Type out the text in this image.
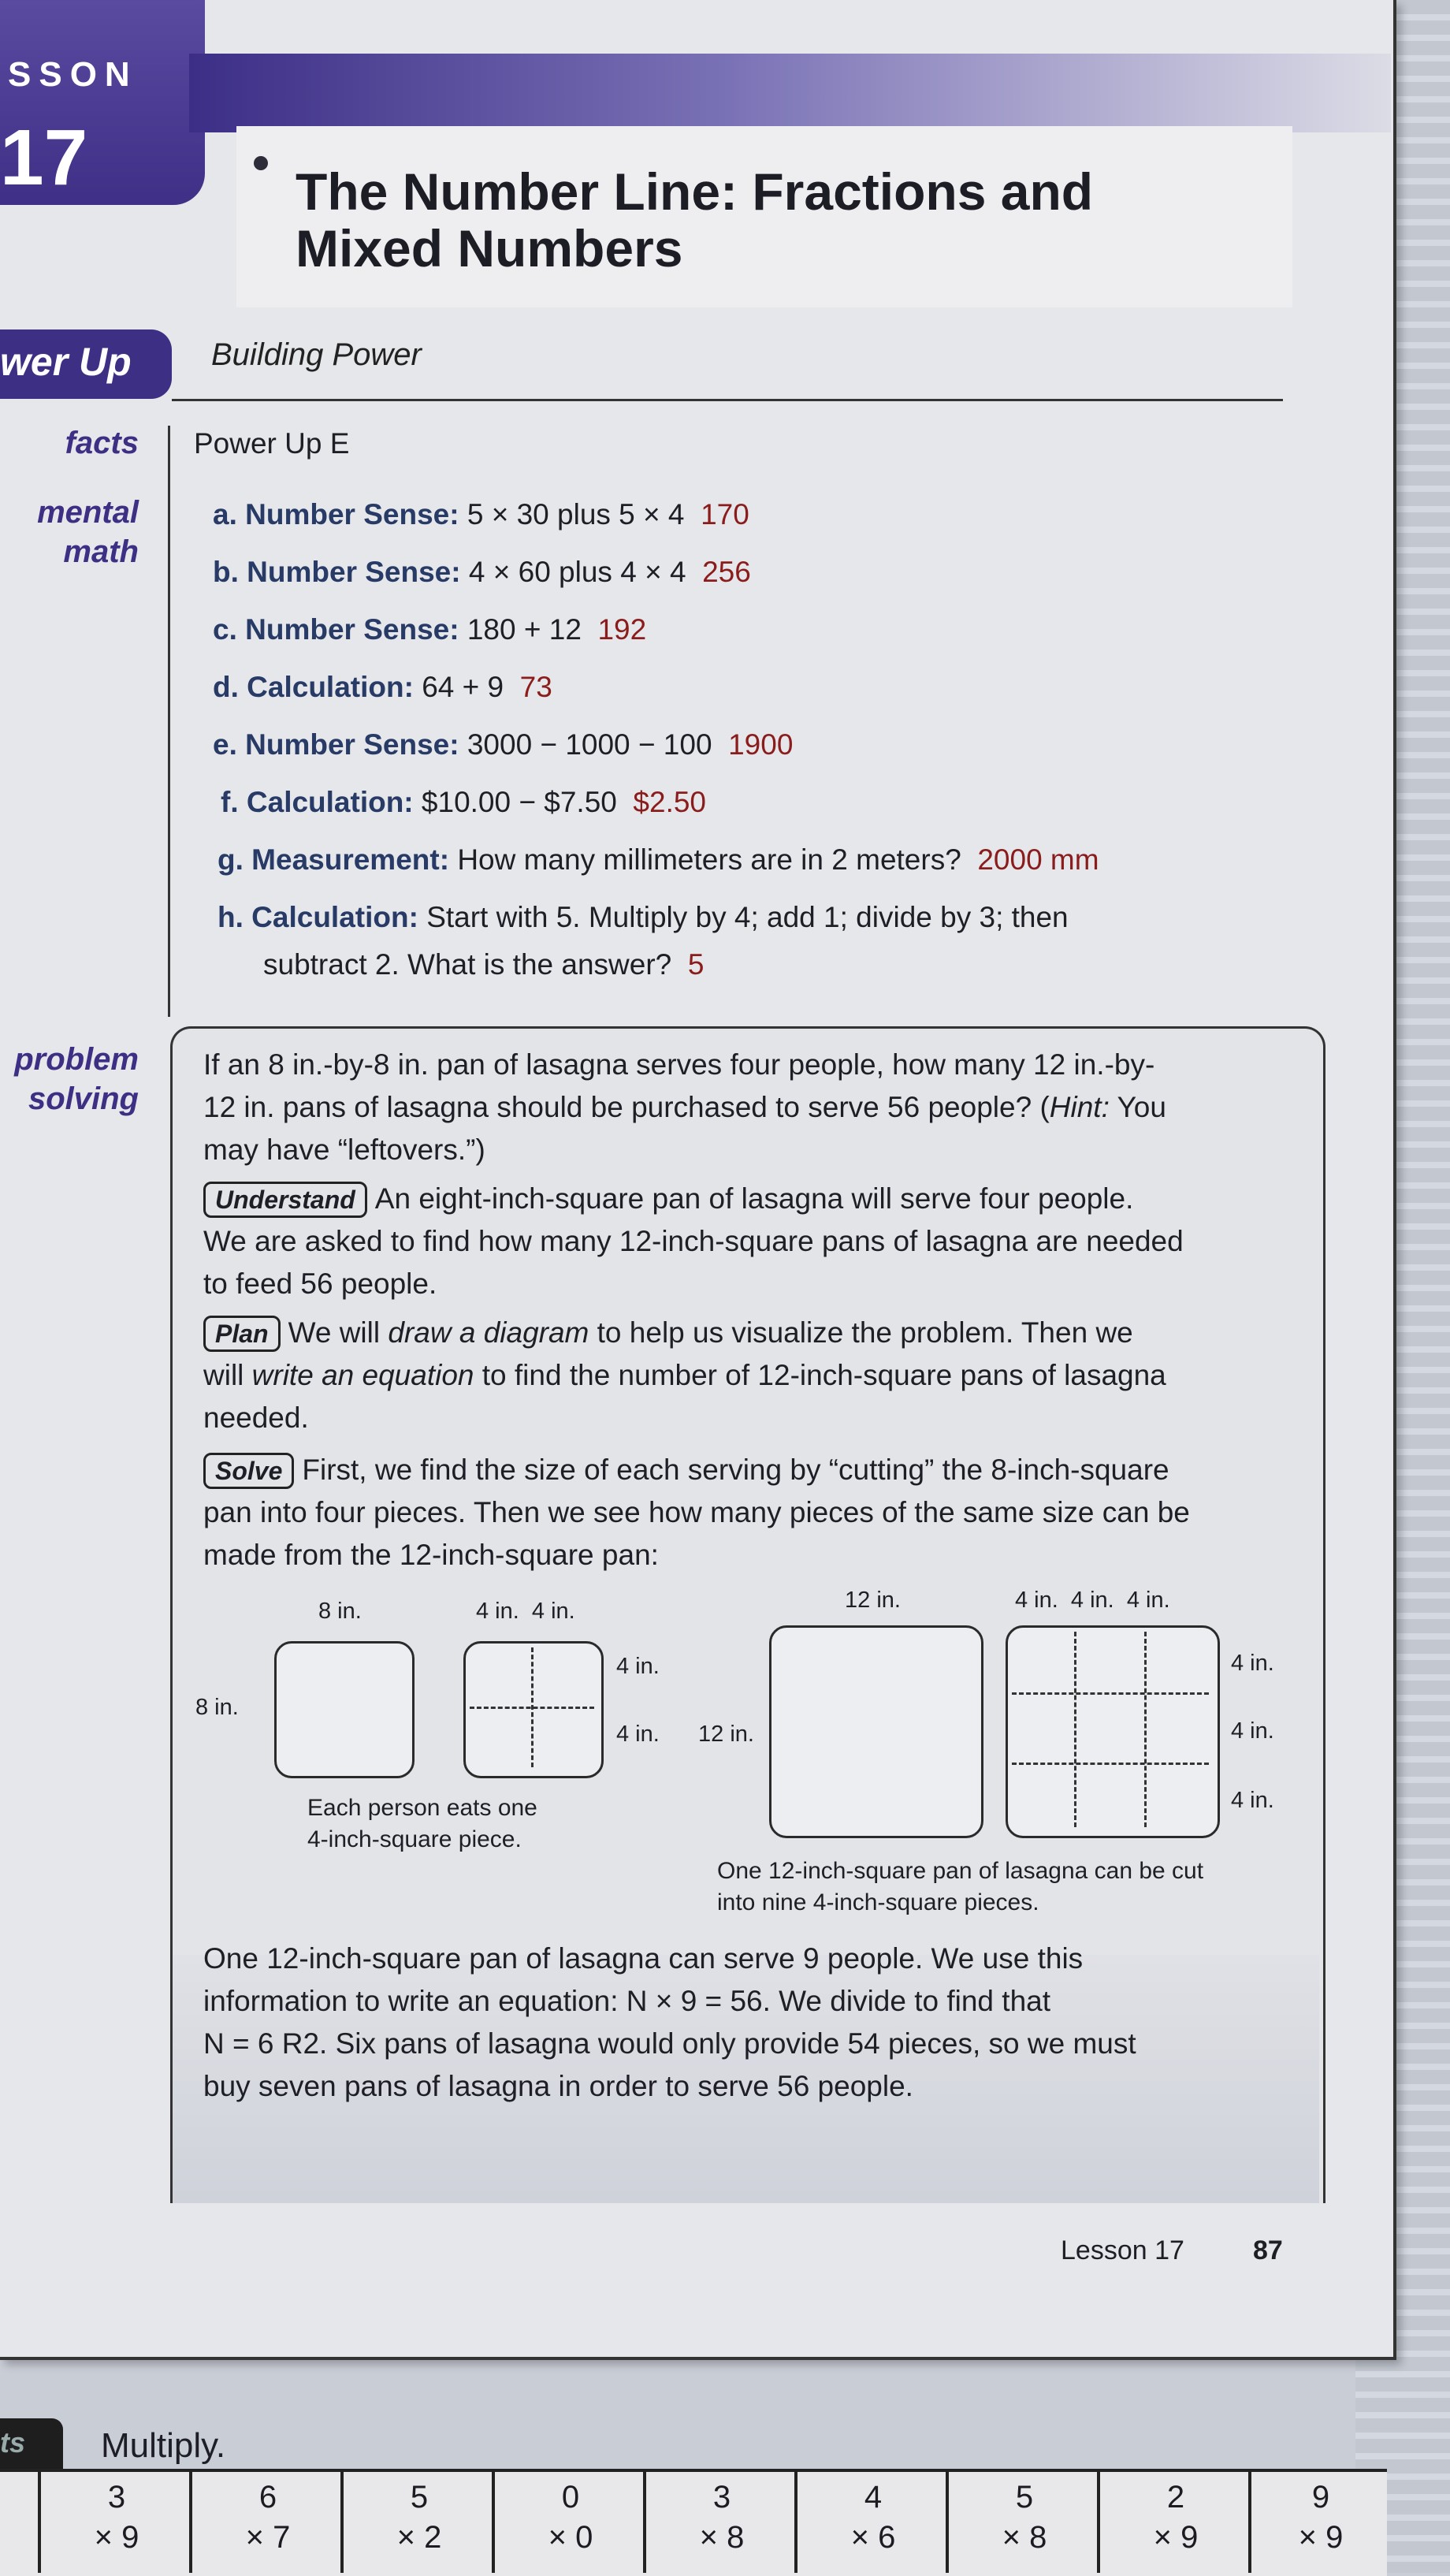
SSON
17	The Number Line: Fractions and
Mixed Numbers
wer Up	Building Power
facts Power Up E
mental
math
a. Number Sense: 5 × 30 plus 5 × 4 170
b. Number Sense: 4 × 60 plus 4 × 4 256
c. Number Sense: 180 + 12 192
d. Calculation: 64 + 9 73
e. Number Sense: 3000 − 1000 − 100 1900
f. Calculation: $10.00 − $7.50 $2.50
g. Measurement: How many millimeters are in 2 meters? 2000 mm
h. Calculation: Start with 5. Multiply by 4; add 1; divide by 3; then
subtract 2. What is the answer? 5
problem
solving
If an 8 in.-by-8 in. pan of lasagna serves four people, how many 12 in.-by-
12 in. pans of lasagna should be purchased to serve 56 people? (Hint: You
may have “leftovers.”)
Understand An eight-inch-square pan of lasagna will serve four people.
We are asked to find how many 12-inch-square pans of lasagna are needed
to feed 56 people.
Plan We will draw a diagram to help us visualize the problem. Then we
will write an equation to find the number of 12-inch-square pans of lasagna
needed.
Solve First, we find the size of each serving by “cutting” the 8-inch-square
pan into four pieces. Then we see how many pieces of the same size can be
made from the 12-inch-square pan:
8 in.
8 in.
4 in.  4 in.
4 in.
4 in.
Each person eats one
4-inch-square piece.
12 in.
12 in.
4 in.  4 in.  4 in.
4 in.
4 in.
4 in.
One 12-inch-square pan of lasagna can be cut
into nine 4-inch-square pieces.
One 12-inch-square pan of lasagna can serve 9 people. We use this
information to write an equation: N × 9 = 56. We divide to find that
N = 6 R2. Six pans of lasagna would only provide 54 pieces, so we must
buy seven pans of lasagna in order to serve 56 people.
Lesson 17	87
ts Multiply.
3
× 9
6
× 7
5
× 2
0
× 0
3
× 8
4
× 6
5
× 8
2
× 9
9
× 9
